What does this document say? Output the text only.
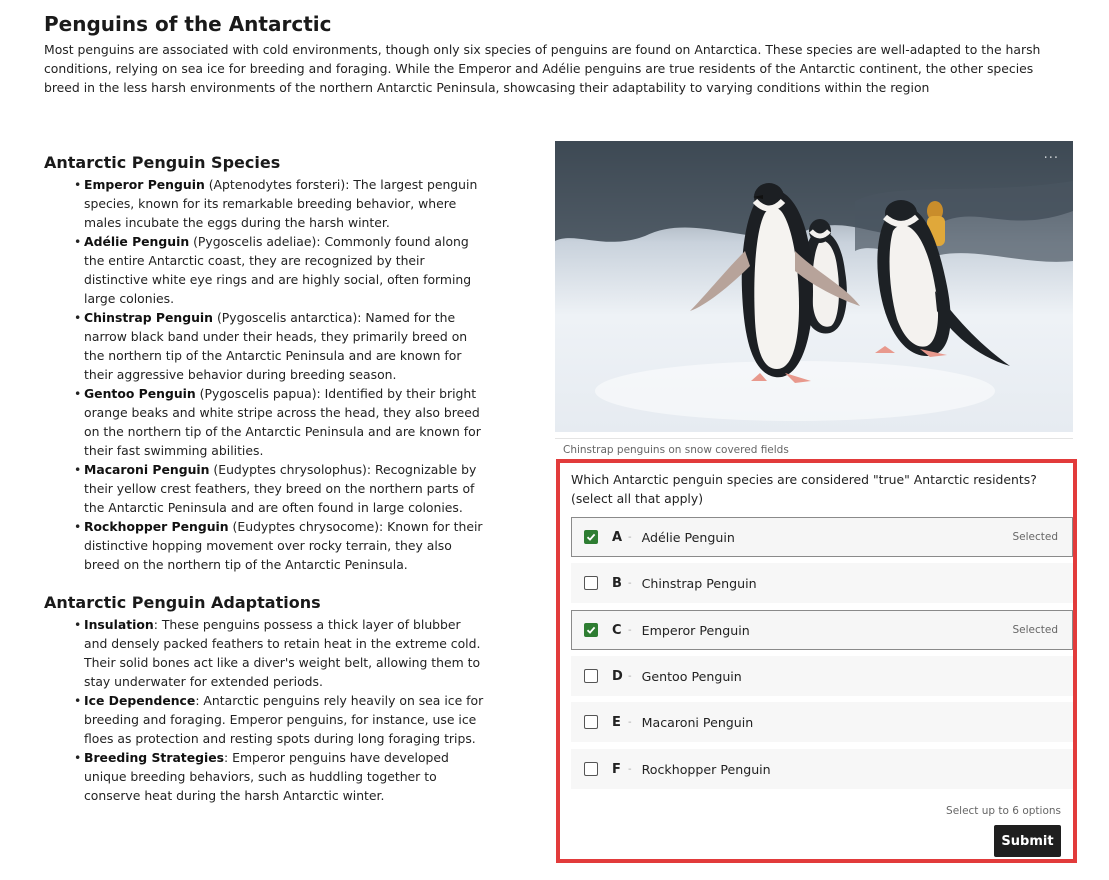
Penguins of the Antarctic
Most penguins are associated with cold environments, though only six species of penguins are found on Antarctica. These species are well-adapted to the harsh conditions, relying on sea ice for breeding and foraging. While the Emperor and Adélie penguins are true residents of the Antarctic continent, the other species breed in the less harsh environments of the northern Antarctic Peninsula, showcasing their adaptability to varying conditions within the region
Antarctic Penguin Species
• Emperor Penguin (Aptenodytes forsteri): The largest penguin species, known for its remarkable breeding behavior, where males incubate the eggs during the harsh winter.
• Adélie Penguin (Pygoscelis adeliae): Commonly found along the entire Antarctic coast, they are recognized by their distinctive white eye rings and are highly social, often forming large colonies.
• Chinstrap Penguin (Pygoscelis antarctica): Named for the narrow black band under their heads, they primarily breed on the northern tip of the Antarctic Peninsula and are known for their aggressive behavior during breeding season.
• Gentoo Penguin (Pygoscelis papua): Identified by their bright orange beaks and white stripe across the head, they also breed on the northern tip of the Antarctic Peninsula and are known for their fast swimming abilities.
• Macaroni Penguin (Eudyptes chrysolophus): Recognizable by their yellow crest feathers, they breed on the northern parts of the Antarctic Peninsula and are often found in large colonies.
• Rockhopper Penguin (Eudyptes chrysocome): Known for their distinctive hopping movement over rocky terrain, they also breed on the northern tip of the Antarctic Peninsula.
Antarctic Penguin Adaptations
• Insulation: These penguins possess a thick layer of blubber and densely packed feathers to retain heat in the extreme cold. Their solid bones act like a diver's weight belt, allowing them to stay underwater for extended periods.
• Ice Dependence: Antarctic penguins rely heavily on sea ice for breeding and foraging. Emperor penguins, for instance, use ice floes as protection and resting spots during long foraging trips.
• Breeding Strategies: Emperor penguins have developed unique breeding behaviors, such as huddling together to conserve heat during the harsh Antarctic winter.
···
Chinstrap penguins on snow covered fields
Which Antarctic penguin species are considered "true" Antarctic residents? (select all that apply)
A - Adélie Penguin	Selected
B - Chinstrap Penguin
C - Emperor Penguin	Selected
D - Gentoo Penguin
E - Macaroni Penguin
F - Rockhopper Penguin
Select up to 6 options
Submit
